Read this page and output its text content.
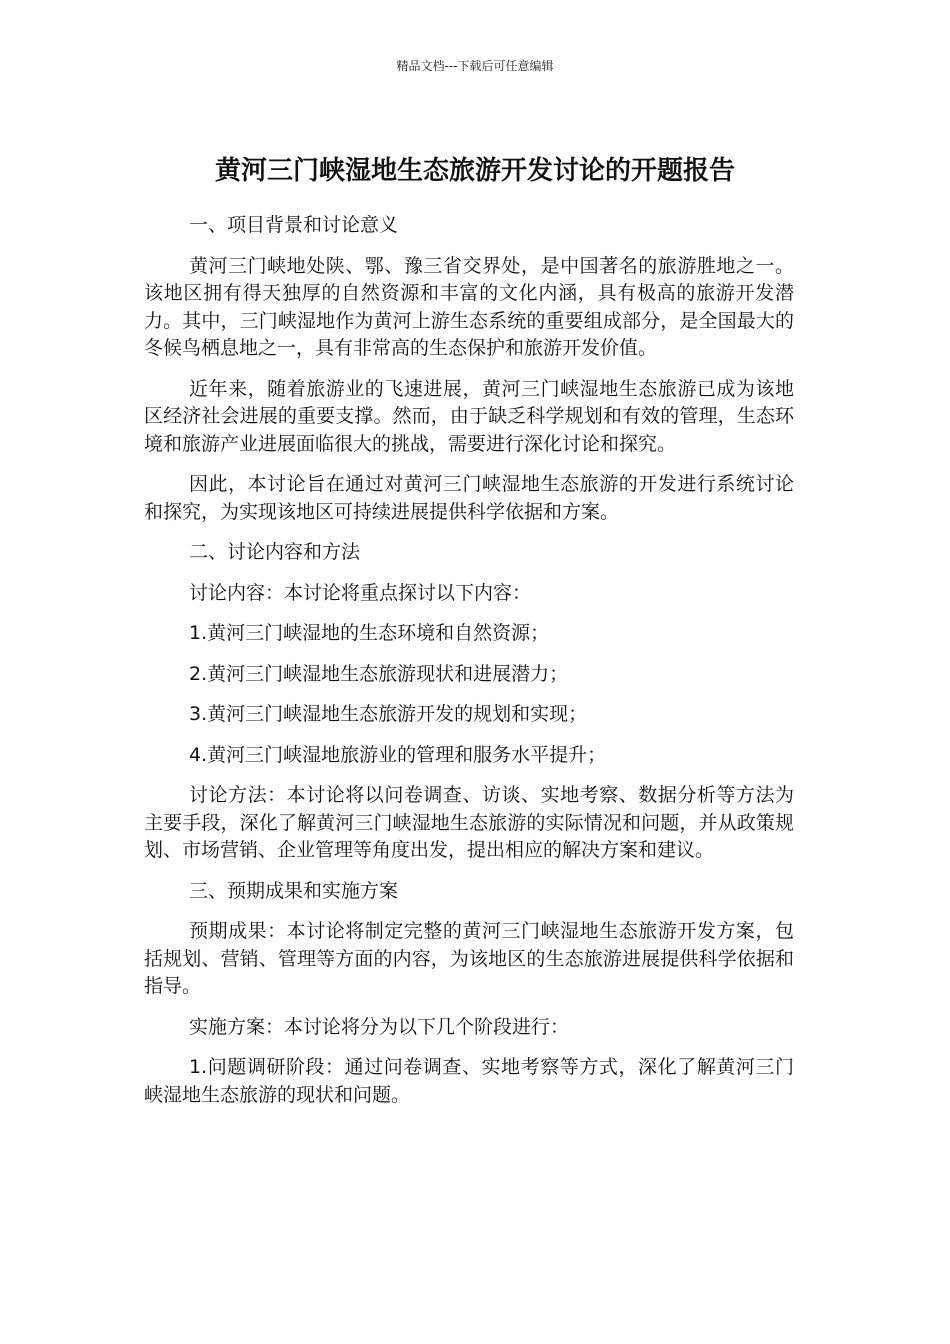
精品文档---下载后可任意编辑
黄河三门峡湿地生态旅游开发讨论的开题报告

一、项目背景和讨论意义

黄河三门峡地处陕、鄂、豫三省交界处，是中国著名的旅游胜地之一。该地区拥有得天独厚的自然资源和丰富的文化内涵，具有极高的旅游开发潜力。其中，三门峡湿地作为黄河上游生态系统的重要组成部分，是全国最大的冬候鸟栖息地之一，具有非常高的生态保护和旅游开发价值。

近年来，随着旅游业的飞速进展，黄河三门峡湿地生态旅游已成为该地区经济社会进展的重要支撑。然而，由于缺乏科学规划和有效的管理，生态环境和旅游产业进展面临很大的挑战，需要进行深化讨论和探究。

因此，本讨论旨在通过对黄河三门峡湿地生态旅游的开发进行系统讨论和探究，为实现该地区可持续进展提供科学依据和方案。

二、讨论内容和方法

讨论内容：本讨论将重点探讨以下内容：

1.黄河三门峡湿地的生态环境和自然资源；

2.黄河三门峡湿地生态旅游现状和进展潜力；

3.黄河三门峡湿地生态旅游开发的规划和实现；

4.黄河三门峡湿地旅游业的管理和服务水平提升；

讨论方法：本讨论将以问卷调查、访谈、实地考察、数据分析等方法为主要手段，深化了解黄河三门峡湿地生态旅游的实际情况和问题，并从政策规划、市场营销、企业管理等角度出发，提出相应的解决方案和建议。

三、预期成果和实施方案

预期成果：本讨论将制定完整的黄河三门峡湿地生态旅游开发方案，包括规划、营销、管理等方面的内容，为该地区的生态旅游进展提供科学依据和指导。

实施方案：本讨论将分为以下几个阶段进行：

1.问题调研阶段：通过问卷调查、实地考察等方式，深化了解黄河三门峡湿地生态旅游的现状和问题。
